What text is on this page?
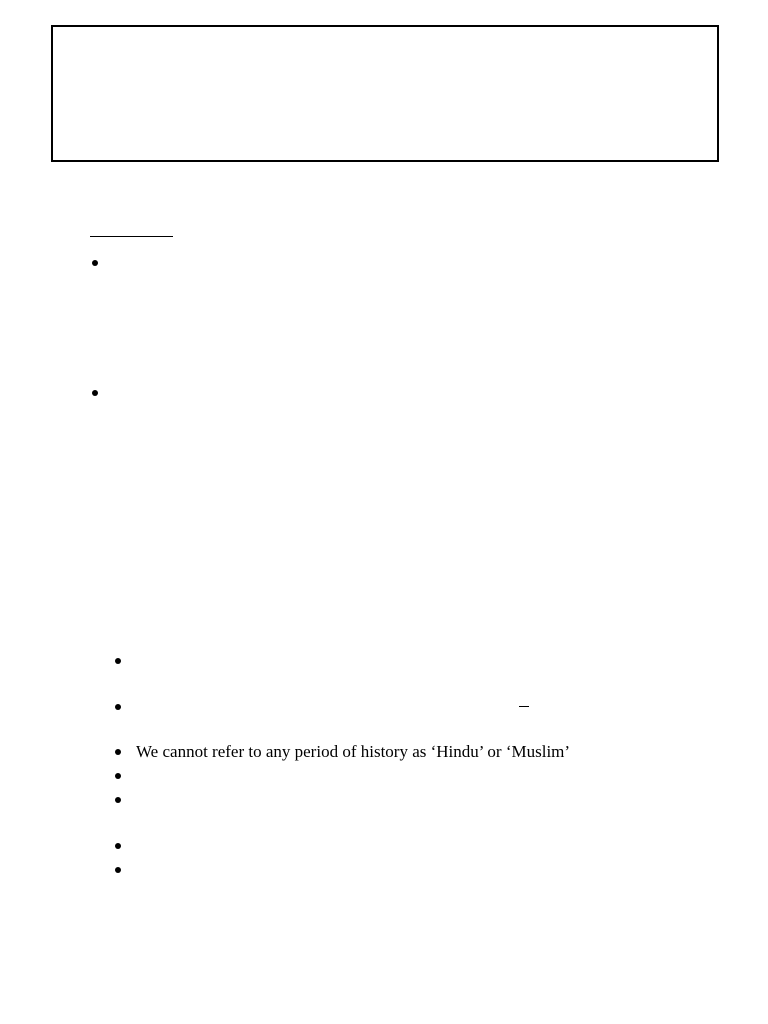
We cannot refer to any period of history as ‘Hindu’ or ‘Muslim’
